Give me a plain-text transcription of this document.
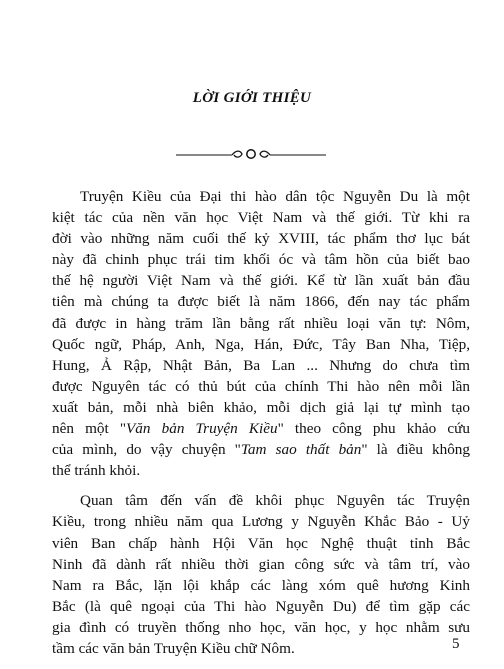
LỜI GIỚI THIỆU
Truyện Kiều của Đại thi hào dân tộc Nguyễn Du là một
kiệt tác của nền văn học Việt Nam và thế giới. Từ khi ra
đời vào những năm cuối thế kỷ XVIII, tác phẩm thơ lục bát
này đã chinh phục trái tim khối óc và tâm hồn của biết bao
thế hệ người Việt Nam và thế giới. Kể từ lần xuất bản đầu
tiên mà chúng ta được biết là năm 1866, đến nay tác phẩm
đã được in hàng trăm lần bằng rất nhiều loại văn tự: Nôm,
Quốc ngữ, Pháp, Anh, Nga, Hán, Đức, Tây Ban Nha, Tiệp,
Hung, Ả Rập, Nhật Bản, Ba Lan ... Nhưng do chưa tìm
được Nguyên tác có thủ bút của chính Thi hào nên mỗi lần
xuất bản, mỗi nhà biên khảo, mỗi dịch giả lại tự mình tạo
nên một "Văn bản Truyện Kiều" theo công phu khảo cứu
của mình, do vậy chuyện "Tam sao thất bản" là điều không
thể tránh khỏi.
Quan tâm đến vấn đề khôi phục Nguyên tác Truyện
Kiều, trong nhiều năm qua Lương y Nguyễn Khắc Bảo - Uỷ
viên Ban chấp hành Hội Văn học Nghệ thuật tỉnh Bắc
Ninh đã dành rất nhiều thời gian công sức và tâm trí, vào
Nam ra Bắc, lặn lội khắp các làng xóm quê hương Kinh
Bắc (là quê ngoại của Thi hào Nguyễn Du) để tìm gặp các
gia đình có truyền thống nho học, văn học, y học nhằm sưu
tầm các văn bản Truyện Kiều chữ Nôm.	5
